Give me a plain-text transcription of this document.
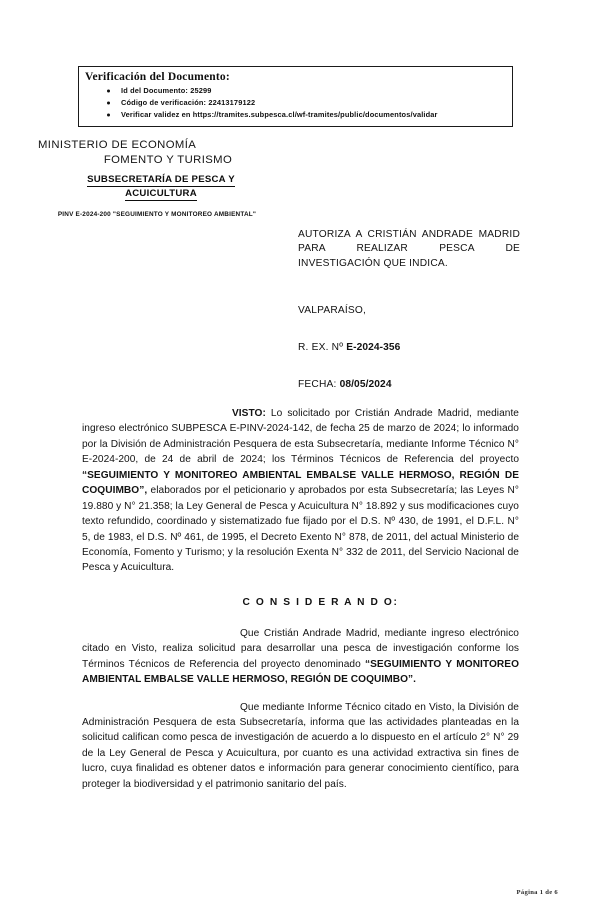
Verificación del Documento:
Id del Documento: 25299
Código de verificación: 22413179122
Verificar validez en https://tramites.subpesca.cl/wf-tramites/public/documentos/validar
MINISTERIO DE ECONOMÍA
FOMENTO Y TURISMO
SUBSECRETARÍA DE PESCA Y
ACUICULTURA
PINV E-2024-200 "SEGUIMIENTO Y MONITOREO AMBIENTAL"
AUTORIZA A CRISTIÁN ANDRADE MADRID PARA REALIZAR PESCA DE INVESTIGACIÓN QUE INDICA.
VALPARAÍSO,
R. EX. Nº E-2024-356
FECHA: 08/05/2024

VISTO: Lo solicitado por Cristián Andrade Madrid, mediante ingreso electrónico SUBPESCA E-PINV-2024-142, de fecha 25 de marzo de 2024; lo informado por la División de Administración Pesquera de esta Subsecretaría, mediante Informe Técnico N° E-2024-200, de 24 de abril de 2024; los Términos Técnicos de Referencia del proyecto “SEGUIMIENTO Y MONITOREO AMBIENTAL EMBALSE VALLE HERMOSO, REGIÓN DE COQUIMBO”, elaborados por el peticionario y aprobados por esta Subsecretaría; las Leyes N° 19.880 y N° 21.358; la Ley General de Pesca y Acuicultura N° 18.892 y sus modificaciones cuyo texto refundido, coordinado y sistematizado fue fijado por el D.S. Nº 430, de 1991, el D.F.L. N° 5, de 1983, el D.S. Nº 461, de 1995, el Decreto Exento N° 878, de 2011, del actual Ministerio de Economía, Fomento y Turismo; y la resolución Exenta N° 332 de 2011, del Servicio Nacional de Pesca y Acuicultura.

C O N S I D E R A N D O:

Que Cristián Andrade Madrid, mediante ingreso electrónico citado en Visto, realiza solicitud para desarrollar una pesca de investigación conforme los Términos Técnicos de Referencia del proyecto denominado “SEGUIMIENTO Y MONITOREO AMBIENTAL EMBALSE VALLE HERMOSO, REGIÓN DE COQUIMBO”.

Que mediante Informe Técnico citado en Visto, la División de Administración Pesquera de esta Subsecretaría, informa que las actividades planteadas en la solicitud califican como pesca de investigación de acuerdo a lo dispuesto en el artículo 2° N° 29 de la Ley General de Pesca y Acuicultura, por cuanto es una actividad extractiva sin fines de lucro, cuya finalidad es obtener datos e información para generar conocimiento científico, para proteger la biodiversidad y el patrimonio sanitario del país.

Página 1 de 6
